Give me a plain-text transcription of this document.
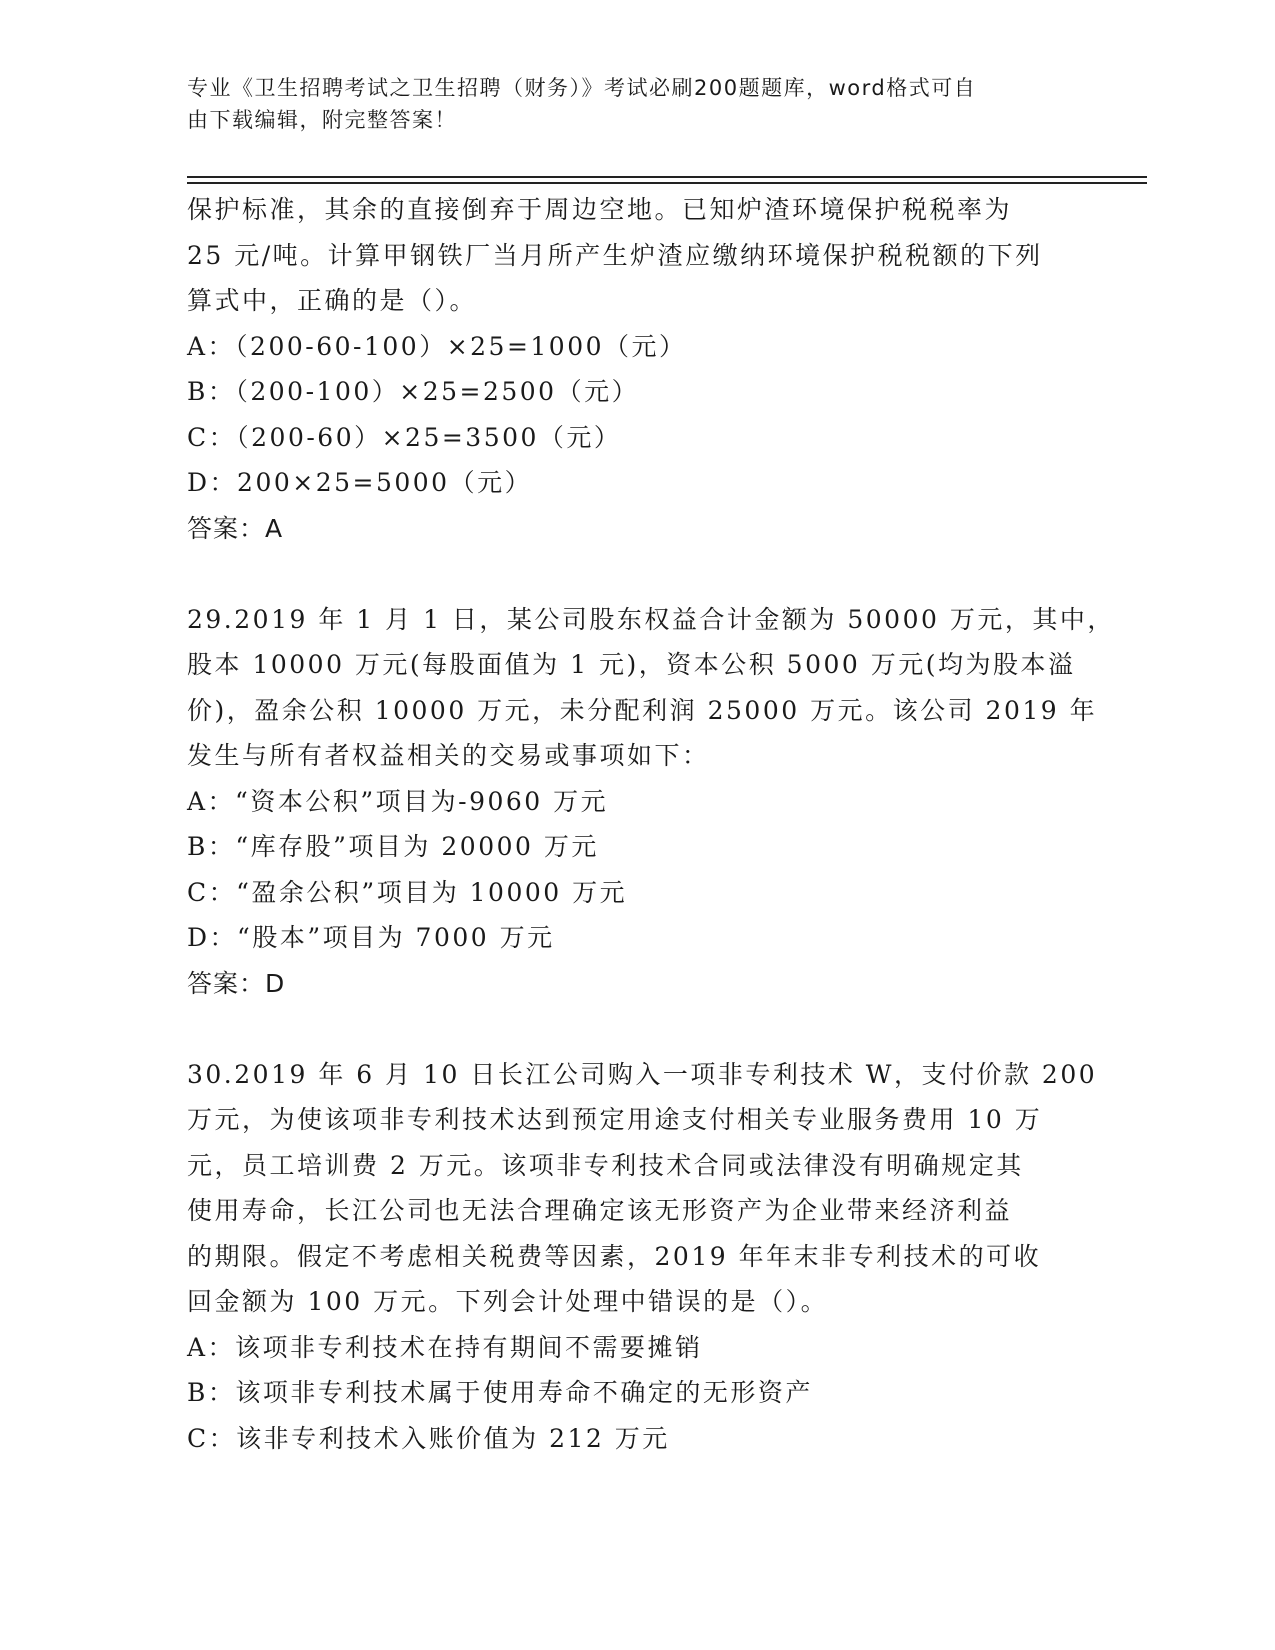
专业《卫生招聘考试之卫生招聘（财务）》考试必刷200题题库，word格式可自
由下载编辑，附完整答案！
保护标准，其余的直接倒弃于周边空地。已知炉渣环境保护税税率为
25 元/吨。计算甲钢铁厂当月所产生炉渣应缴纳环境保护税税额的下列
算式中，正确的是（）。
A：（200-60-100）×25=1000（元）
B：（200-100）×25=2500（元）
C：（200-60）×25=3500（元）
D：200×25=5000（元）
答案：A
29.2019 年 1 月 1 日，某公司股东权益合计金额为 50000 万元，其中，
股本 10000 万元(每股面值为 1 元)，资本公积 5000 万元(均为股本溢
价)，盈余公积 10000 万元，未分配利润 25000 万元。该公司 2019 年
发生与所有者权益相关的交易或事项如下：
A：“资本公积”项目为-9060 万元
B：“库存股”项目为 20000 万元
C：“盈余公积”项目为 10000 万元
D：“股本”项目为 7000 万元
答案：D
30.2019 年 6 月 10 日长江公司购入一项非专利技术 W，支付价款 200
万元，为使该项非专利技术达到预定用途支付相关专业服务费用 10 万
元，员工培训费 2 万元。该项非专利技术合同或法律没有明确规定其
使用寿命，长江公司也无法合理确定该无形资产为企业带来经济利益
的期限。假定不考虑相关税费等因素，2019 年年末非专利技术的可收
回金额为 100 万元。下列会计处理中错误的是（）。
A：该项非专利技术在持有期间不需要摊销
B：该项非专利技术属于使用寿命不确定的无形资产
C：该非专利技术入账价值为 212 万元
